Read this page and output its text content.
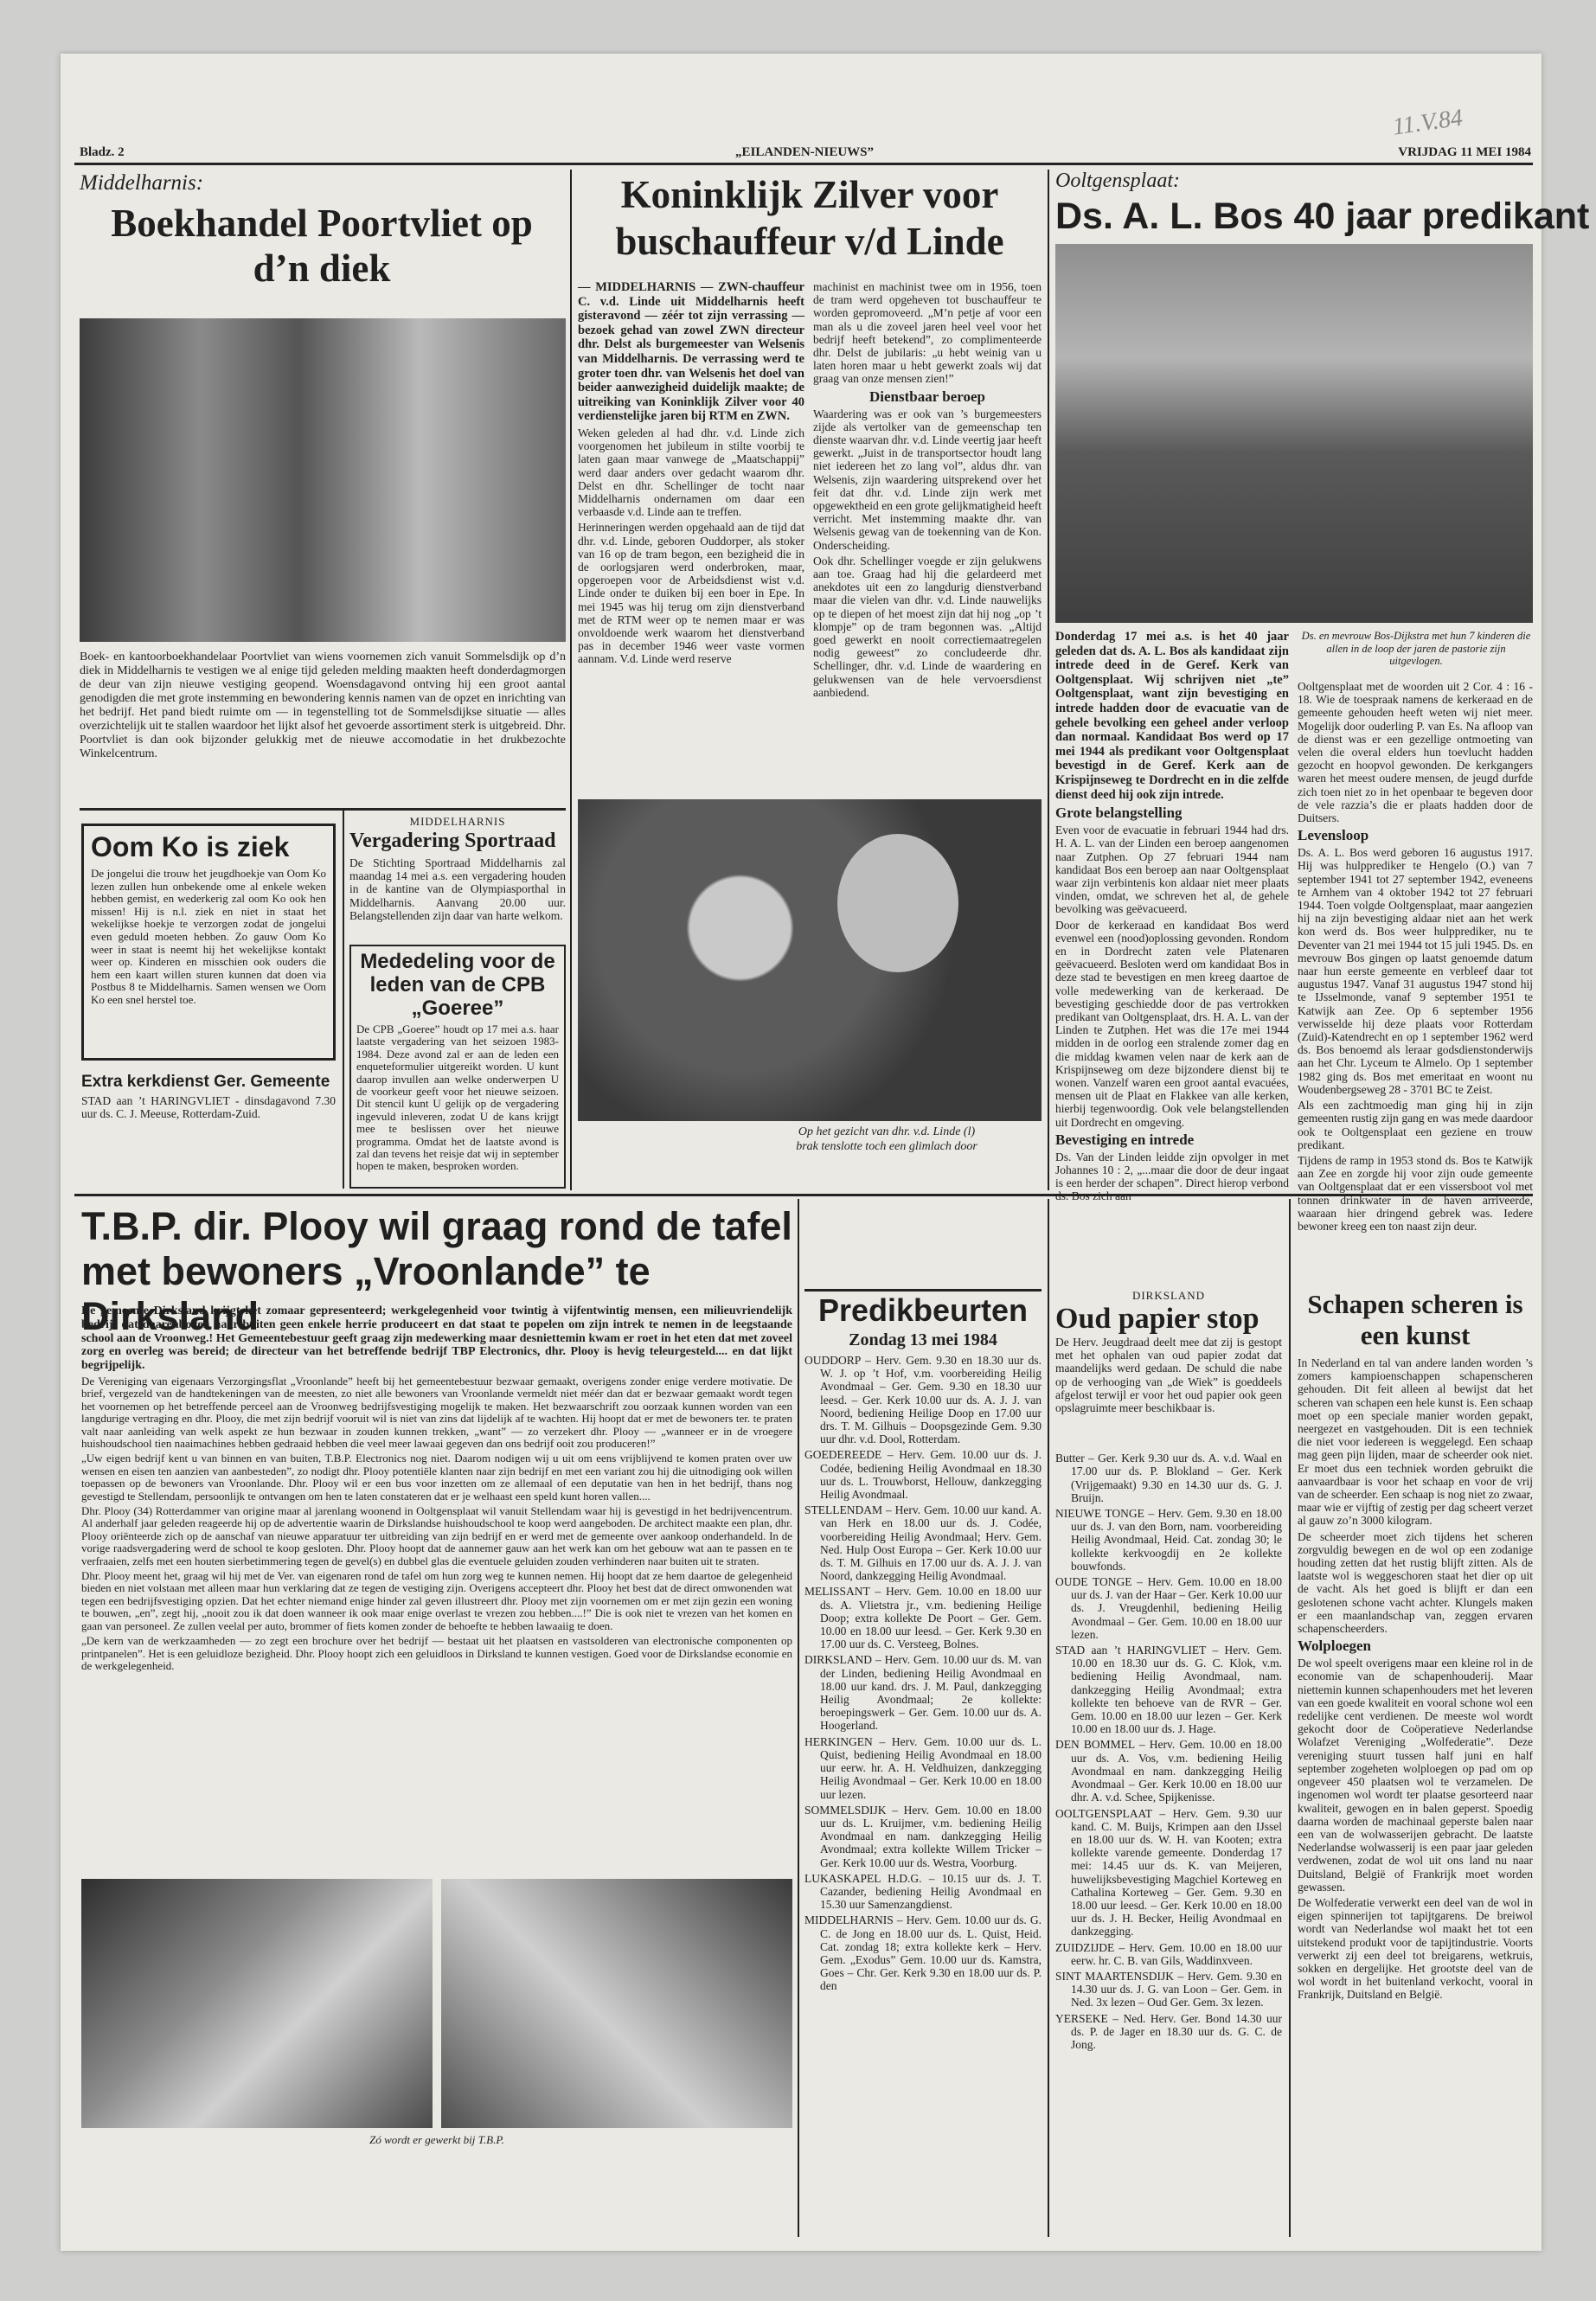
Bladz. 2	„EILANDEN-NIEUWS”	VRIJDAG 11 MEI 1984
11.V.84
Middelharnis:
Boekhandel Poortvliet op d’n diek

Boek- en kantoorboekhandelaar Poortvliet van wiens voornemen zich vanuit Sommelsdijk op d’n diek in Middelharnis te vestigen we al enige tijd geleden melding maakten heeft donderdagmorgen de deur van zijn nieuwe vestiging geopend. Woensdagavond ontving hij een groot aantal genodigden die met grote instemming en bewondering kennis namen van de opzet en inrichting van het bedrijf. Het pand biedt ruimte om — in tegenstelling tot de Sommelsdijkse situatie — alles overzichtelijk uit te stallen waardoor het lijkt alsof het gevoerde assortiment sterk is uitgebreid. Dhr. Poortvliet is dan ook bijzonder gelukkig met de nieuwe accomodatie in het drukbezochte Winkelcentrum.

Oom Ko is ziek

De jongelui die trouw het jeugdhoekje van Oom Ko lezen zullen hun onbekende ome al enkele weken hebben gemist, en wederkerig zal oom Ko ook hen missen! Hij is n.l. ziek en niet in staat het wekelijkse hoekje te verzorgen zodat de jongelui even geduld moeten hebben. Zo gauw Oom Ko weer in staat is neemt hij het wekelijkse kontakt weer op. Kinderen en misschien ook ouders die hem een kaart willen sturen kunnen dat doen via Postbus 8 te Middelharnis. Samen wensen we Oom Ko een snel herstel toe.

Extra kerkdienst Ger. Gemeente

STAD aan ’t HARINGVLIET - dinsdagavond 7.30 uur ds. C. J. Meeuse, Rotterdam-Zuid.

MIDDELHARNIS
Vergadering Sportraad

De Stichting Sportraad Middelharnis zal maandag 14 mei a.s. een vergadering houden in de kantine van de Olympiasporthal in Middelharnis. Aanvang 20.00 uur. Belangstellenden zijn daar van harte welkom.

Mededeling voor de leden van de CPB „Goeree”

De CPB „Goeree” houdt op 17 mei a.s. haar laatste vergadering van het seizoen 1983-1984. Deze avond zal er aan de leden een enqueteformulier uitgereikt worden. U kunt daarop invullen aan welke onderwerpen U de voorkeur geeft voor het nieuwe seizoen. Dit stencil kunt U gelijk op de vergadering ingevuld inleveren, zodat U de kans krijgt mee te beslissen over het nieuwe programma. Omdat het de laatste avond is zal dan tevens het reisje dat wij in september hopen te maken, besproken worden.

Koninklijk Zilver voor buschauffeur v/d Linde

— MIDDELHARNIS — ZWN-chauffeur C. v.d. Linde uit Middelharnis heeft gisteravond — zéér tot zijn verrassing — bezoek gehad van zowel ZWN directeur dhr. Delst als burgemeester van Welsenis van Middelharnis. De verrassing werd te groter toen dhr. van Welsenis het doel van beider aanwezigheid duidelijk maakte; de uitreiking van Koninklijk Zilver voor 40 verdienstelijke jaren bij RTM en ZWN.

Weken geleden al had dhr. v.d. Linde zich voorgenomen het jubileum in stilte voorbij te laten gaan maar vanwege de „Maatschappij” werd daar anders over gedacht waarom dhr. Delst en dhr. Schellinger de tocht naar Middelharnis ondernamen om daar een verbaasde v.d. Linde aan te treffen.

Herinneringen werden opgehaald aan de tijd dat dhr. v.d. Linde, geboren Ouddorper, als stoker van 16 op de tram begon, een bezigheid die in de oorlogsjaren werd onderbroken, maar, opgeroepen voor de Arbeidsdienst wist v.d. Linde onder te duiken bij een boer in Epe. In mei 1945 was hij terug om zijn dienstverband met de RTM weer op te nemen maar er was onvoldoende werk waarom het dienstverband pas in december 1946 weer vaste vormen aannam. V.d. Linde werd reserve

machinist en machinist twee om in 1956, toen de tram werd opgeheven tot buschauffeur te worden gepromoveerd. „M’n petje af voor een man als u die zoveel jaren heel veel voor het bedrijf heeft betekend”, zo complimenteerde dhr. Delst de jubilaris: „u hebt weinig van u laten horen maar u hebt gewerkt zoals wij dat graag van onze mensen zien!”

Dienstbaar beroep

Waardering was er ook van ’s burgemeesters zijde als vertolker van de gemeenschap ten dienste waarvan dhr. v.d. Linde veertig jaar heeft gewerkt. „Juist in de transportsector houdt lang niet iedereen het zo lang vol”, aldus dhr. van Welsenis, zijn waardering uitsprekend over het feit dat dhr. v.d. Linde zijn werk met opgewektheid en een grote gelijkmatigheid heeft verricht. Met instemming maakte dhr. van Welsenis gewag van de toekenning van de Kon. Onderscheiding.

Ook dhr. Schellinger voegde er zijn gelukwens aan toe. Graag had hij die gelardeerd met anekdotes uit een zo langdurig dienstverband maar die vielen van dhr. v.d. Linde nauwelijks op te diepen of het moest zijn dat hij nog „op ’t klompje” op de tram begonnen was. „Altijd goed gewerkt en nooit correctiemaatregelen nodig geweest” zo concludeerde dhr. Schellinger, dhr. v.d. Linde de waardering en gelukwensen van de hele vervoersdienst aanbiedend.

Op het gezicht van dhr. v.d. Linde (l) brak tenslotte toch een glimlach door
Ooltgensplaat:
Ds. A. L. Bos 40 jaar predikant
Ds. en mevrouw Bos-Dijkstra met hun 7 kinderen die allen in de loop der jaren de pastorie zijn uitgevlogen.

Donderdag 17 mei a.s. is het 40 jaar geleden dat ds. A. L. Bos als kandidaat zijn intrede deed in de Geref. Kerk van Ooltgensplaat. Wij schrijven niet „te” Ooltgensplaat, want zijn bevestiging en intrede hadden door de evacuatie van de gehele bevolking een geheel ander verloop dan normaal. Kandidaat Bos werd op 17 mei 1944 als predikant voor Ooltgensplaat bevestigd in de Geref. Kerk aan de Krispijnseweg te Dordrecht en in die zelfde dienst deed hij ook zijn intrede.

Grote belangstelling

Even voor de evacuatie in februari 1944 had drs. H. A. L. van der Linden een beroep aangenomen naar Zutphen. Op 27 februari 1944 nam kandidaat Bos een beroep aan naar Ooltgensplaat waar zijn verbintenis kon aldaar niet meer plaats vinden, omdat, we schreven het al, de gehele bevolking was geëvacueerd.

Door de kerkeraad en kandidaat Bos werd evenwel een (nood)oplossing gevonden. Rondom en in Dordrecht zaten vele Platenaren geëvacueerd. Besloten werd om kandidaat Bos in deze stad te bevestigen en men kreeg daartoe de volle medewerking van de kerkeraad. De bevestiging geschiedde door de pas vertrokken predikant van Ooltgensplaat, drs. H. A. L. van der Linden te Zutphen. Het was die 17e mei 1944 midden in de oorlog een stralende zomer dag en die middag kwamen velen naar de kerk aan de Krispijnseweg om deze bijzondere dienst bij te wonen. Vanzelf waren een groot aantal evacuées, mensen uit de Plaat en Flakkee van alle kerken, hierbij tegenwoordig. Ook vele belangstellenden uit Dordrecht en omgeving.

Bevestiging en intrede

Ds. Van der Linden leidde zijn opvolger in met Johannes 10 : 2, „...maar die door de deur ingaat is een herder der schapen”. Direct hierop verbond ds. Bos zich aan

Ooltgensplaat met de woorden uit 2 Cor. 4 : 16 - 18. Wie de toespraak namens de kerkeraad en de gemeente gehouden heeft weten wij niet meer. Mogelijk door ouderling P. van Es. Na afloop van de dienst was er een gezellige ontmoeting van velen die overal elders hun toevlucht hadden gezocht en hoopvol gewonden. De kerkgangers waren het meest oudere mensen, de jeugd durfde zich toen niet zo in het openbaar te begeven door de vele razzia’s die er plaats hadden door de Duitsers.

Levensloop

Ds. A. L. Bos werd geboren 16 augustus 1917. Hij was hulpprediker te Hengelo (O.) van 7 september 1941 tot 27 september 1942, eveneens te Arnhem van 4 oktober 1942 tot 27 februari 1944. Toen volgde Ooltgensplaat, maar aangezien hij na zijn bevestiging aldaar niet aan het werk kon werd ds. Bos weer hulpprediker, nu te Deventer van 21 mei 1944 tot 15 juli 1945. Ds. en mevrouw Bos gingen op laatst genoemde datum naar hun eerste gemeente en verbleef daar tot augustus 1947. Vanaf 31 augustus 1947 stond hij te IJsselmonde, vanaf 9 september 1951 te Katwijk aan Zee. Op 6 september 1956 verwisselde hij deze plaats voor Rotterdam (Zuid)-Katendrecht en op 1 september 1962 werd ds. Bos benoemd als leraar godsdienstonderwijs aan het Chr. Lyceum te Almelo. Op 1 september 1982 ging ds. Bos met emeritaat en woont nu Woudenbergseweg 28 - 3701 BC te Zeist.

Als een zachtmoedig man ging hij in zijn gemeenten rustig zijn gang en was mede daardoor ook te Ooltgensplaat een geziene en trouw predikant.

Tijdens de ramp in 1953 stond ds. Bos te Katwijk aan Zee en zorgde hij voor zijn oude gemeente van Ooltgensplaat dat er een vissersboot vol met tonnen drinkwater in de haven arriveerde, waaraan hier dringend gebrek was. Iedere bewoner kreeg een ton naast zijn deur.

T.B.P. dir. Plooy wil graag rond de tafel met bewoners „Vroonlande” te Dirksland

De gemeente Dirksland krijgt het zomaar gepresenteerd; werkgelegenheid voor twintig à vijfentwintig mensen, een milieuvriendelijk bedrijf dat daarenboven naar buiten geen enkele herrie produceert en dat staat te popelen om zijn intrek te nemen in de leegstaande school aan de Vroonweg.! Het Gemeentebestuur geeft graag zijn medewerking maar desniettemin kwam er roet in het eten dat met zoveel zorg en overleg was bereid; de directeur van het betreffende bedrijf TBP Electronics, dhr. Plooy is hevig teleurgesteld.... en dat lijkt begrijpelijk.

De Vereniging van eigenaars Verzorgingsflat „Vroonlande” heeft bij het gemeentebestuur bezwaar gemaakt, overigens zonder enige verdere motivatie. De brief, vergezeld van de handtekeningen van de meesten, zo niet alle bewoners van Vroonlande vermeldt niet méér dan dat er bezwaar gemaakt wordt tegen het voornemen op het betreffende perceel aan de Vroonweg bedrijfsvestiging mogelijk te maken. Het bezwaarschrift zou oorzaak kunnen worden van een langdurige vertraging en dhr. Plooy, die met zijn bedrijf vooruit wil is niet van zins dat lijdelijk af te wachten. Hij hoopt dat er met de bewoners ter. te praten valt naar aanleiding van welk aspekt ze hun bezwaar in zouden kunnen trekken, „want” — zo verzekert dhr. Plooy — „wanneer er in de vroegere huishoudschool tien naaimachines hebben gedraaid hebben die veel meer lawaai gegeven dan ons bedrijf ooit zou produceren!”

„Uw eigen bedrijf kent u van binnen en van buiten, T.B.P. Electronics nog niet. Daarom nodigen wij u uit om eens vrijblijvend te komen praten over uw wensen en eisen ten aanzien van aanbesteden”, zo nodigt dhr. Plooy potentiële klanten naar zijn bedrijf en met een variant zou hij die uitnodiging ook willen toepassen op de bewoners van Vroonlande. Dhr. Plooy wil er een bus voor inzetten om ze allemaal of een deputatie van hen in het bedrijf, thans nog gevestigd te Stellendam, persoonlijk te ontvangen om hen te laten constateren dat er je welhaast een speld kunt horen vallen....

Dhr. Plooy (34) Rotterdammer van origine maar al jarenlang woonend in Ooltgensplaat wil vanuit Stellendam waar hij is gevestigd in het bedrijvencentrum. Al anderhalf jaar geleden reageerde hij op de advertentie waarin de Dirkslandse huishoudschool te koop werd aangeboden. De architect maakte een plan, dhr. Plooy oriënteerde zich op de aanschaf van nieuwe apparatuur ter uitbreiding van zijn bedrijf en er werd met de gemeente over aankoop onderhandeld. In de vorige raadsvergadering werd de school te koop gesloten. Dhr. Plooy hoopt dat de aannemer gauw aan het werk kan om het gebouw wat aan te passen en te verfraaien, zelfs met een houten sierbetimmering tegen de gevel(s) en dubbel glas die eventuele geluiden zouden verhinderen naar buiten uit te straten.

Dhr. Plooy meent het, graag wil hij met de Ver. van eigenaren rond de tafel om hun zorg weg te kunnen nemen. Hij hoopt dat ze hem daartoe de gelegenheid bieden en niet volstaan met alleen maar hun verklaring dat ze tegen de vestiging zijn. Overigens accepteert dhr. Plooy het best dat de direct omwonenden wat tegen een bedrijfsvestiging opzien. Dat het echter niemand enige hinder zal geven illustreert dhr. Plooy met zijn voornemen om er met zijn gezin een woning te bouwen, „en”, zegt hij, „nooit zou ik dat doen wanneer ik ook maar enige overlast te vrezen zou hebben....!” Die is ook niet te vrezen van het komen en gaan van personeel. Ze zullen veelal per auto, brommer of fiets komen zonder de behoefte te hebben lawaaiig te doen.

„De kern van de werkzaamheden — zo zegt een brochure over het bedrijf — bestaat uit het plaatsen en vastsolderen van electronische componenten op printpanelen”. Het is een geluidloze bezigheid. Dhr. Plooy hoopt zich een geluidloos in Dirksland te kunnen vestigen. Goed voor de Dirkslandse economie en de werkgelegenheid.

Zó wordt er gewerkt bij T.B.P.
Predikbeurten
Zondag 13 mei 1984

OUDDORP – Herv. Gem. 9.30 en 18.30 uur ds. W. J. op ’t Hof, v.m. voorbereiding Heilig Avondmaal – Ger. Gem. 9.30 en 18.30 uur leesd. – Ger. Kerk 10.00 uur ds. A. J. J. van Noord, bediening Heilige Doop en 17.00 uur drs. T. M. Gilhuis – Doopsgezinde Gem. 9.30 uur dhr. v.d. Dool, Rotterdam.

GOEDEREEDE – Herv. Gem. 10.00 uur ds. J. Codée, bediening Heilig Avondmaal en 18.30 uur ds. L. Trouwborst, Hellouw, dankzegging Heilig Avondmaal.

STELLENDAM – Herv. Gem. 10.00 uur kand. A. van Herk en 18.00 uur ds. J. Codée, voorbereiding Heilig Avondmaal; Herv. Gem. Ned. Hulp Oost Europa – Ger. Kerk 10.00 uur ds. T. M. Gilhuis en 17.00 uur ds. A. J. J. van Noord, dankzegging Heilig Avondmaal.

MELISSANT – Herv. Gem. 10.00 en 18.00 uur ds. A. Vlietstra jr., v.m. bediening Heilige Doop; extra kollekte De Poort – Ger. Gem. 10.00 en 18.00 uur leesd. – Ger. Kerk 9.30 en 17.00 uur ds. C. Versteeg, Bolnes.

DIRKSLAND – Herv. Gem. 10.00 uur ds. M. van der Linden, bediening Heilig Avondmaal en 18.00 uur kand. drs. J. M. Paul, dankzegging Heilig Avondmaal; 2e kollekte: beroepingswerk – Ger. Gem. 10.00 uur ds. A. Hoogerland.

HERKINGEN – Herv. Gem. 10.00 uur ds. L. Quist, bediening Heilig Avondmaal en 18.00 uur eerw. hr. A. H. Veldhuizen, dankzegging Heilig Avondmaal – Ger. Kerk 10.00 en 18.00 uur lezen.

SOMMELSDIJK – Herv. Gem. 10.00 en 18.00 uur ds. L. Kruijmer, v.m. bediening Heilig Avondmaal en nam. dankzegging Heilig Avondmaal; extra kollekte Willem Tricker – Ger. Kerk 10.00 uur ds. Westra, Voorburg.

LUKASKAPEL H.D.G. – 10.15 uur ds. J. T. Cazander, bediening Heilig Avondmaal en 15.30 uur Samenzangdienst.

MIDDELHARNIS – Herv. Gem. 10.00 uur ds. G. C. de Jong en 18.00 uur ds. L. Quist, Heid. Cat. zondag 18; extra kollekte kerk – Herv. Gem. „Exodus” Gem. 10.00 uur ds. Kamstra, Goes – Chr. Ger. Kerk 9.30 en 18.00 uur ds. P. den

DIRKSLAND
Oud papier stop

De Herv. Jeugdraad deelt mee dat zij is gestopt met het ophalen van oud papier zodat dat maandelijks werd gedaan. De schuld die nabe op de verhooging van „de Wiek” is goeddeels afgelost terwijl er voor het oud papier ook geen opslagruimte meer beschikbaar is.

Butter – Ger. Kerk 9.30 uur ds. A. v.d. Waal en 17.00 uur ds. P. Blokland – Ger. Kerk (Vrijgemaakt) 9.30 en 14.30 uur ds. G. J. Bruijn.

NIEUWE TONGE – Herv. Gem. 9.30 en 18.00 uur ds. J. van den Born, nam. voorbereiding Heilig Avondmaal, Heid. Cat. zondag 30; le kollekte kerkvoogdij en 2e kollekte bouwfonds.

OUDE TONGE – Herv. Gem. 10.00 en 18.00 uur ds. J. van der Haar – Ger. Kerk 10.00 uur ds. J. Vreugdenhil, bediening Heilig Avondmaal – Ger. Gem. 10.00 en 18.00 uur lezen.

STAD aan ’t HARINGVLIET – Herv. Gem. 10.00 en 18.30 uur ds. G. C. Klok, v.m. bediening Heilig Avondmaal, nam. dankzegging Heilig Avondmaal; extra kollekte ten behoeve van de RVR – Ger. Gem. 10.00 en 18.00 uur lezen – Ger. Kerk 10.00 en 18.00 uur ds. J. Hage.

DEN BOMMEL – Herv. Gem. 10.00 en 18.00 uur ds. A. Vos, v.m. bediening Heilig Avondmaal en nam. dankzegging Heilig Avondmaal – Ger. Kerk 10.00 en 18.00 uur dhr. A. v.d. Schee, Spijkenisse.

OOLTGENSPLAAT – Herv. Gem. 9.30 uur kand. C. M. Buijs, Krimpen aan den IJssel en 18.00 uur ds. W. H. van Kooten; extra kollekte varende gemeente. Donderdag 17 mei: 14.45 uur ds. K. van Meijeren, huwelijksbevestiging Magchiel Korteweg en Cathalina Korteweg – Ger. Gem. 9.30 en 18.00 uur leesd. – Ger. Kerk 10.00 en 18.00 uur ds. J. H. Becker, Heilig Avondmaal en dankzegging.

ZUIDZIJDE – Herv. Gem. 10.00 en 18.00 uur eerw. hr. C. B. van Gils, Waddinxveen.

SINT MAARTENSDIJK – Herv. Gem. 9.30 en 14.30 uur ds. J. G. van Loon – Ger. Gem. in Ned. 3x lezen – Oud Ger. Gem. 3x lezen.

YERSEKE – Ned. Herv. Ger. Bond 14.30 uur ds. P. de Jager en 18.30 uur ds. G. C. de Jong.

Schapen scheren is een kunst

In Nederland en tal van andere landen worden ’s zomers kampioenschappen schapenscheren gehouden. Dit feit alleen al bewijst dat het scheren van schapen een hele kunst is. Een schaap moet op een speciale manier worden gepakt, neergezet en vastgehouden. Dit is een techniek die niet voor iedereen is weggelegd. Een schaap mag geen pijn lijden, maar de scheerder ook niet. Er moet dus een techniek worden gebruikt die aanvaardbaar is voor het schaap en voor de vrij van de scheerder. Een schaap is nog niet zo zwaar, maar wie er vijftig of zestig per dag scheert verzet al gauw zo’n 3000 kilogram.

De scheerder moet zich tijdens het scheren zorgvuldig bewegen en de wol op een zodanige houding zetten dat het rustig blijft zitten. Als de laatste wol is weggeschoren staat het dier op uit de vacht. Als het goed is blijft er dan een geslotenen schone vacht achter. Klungels maken er een maanlandschap van, zeggen ervaren schapenscheerders.

Wolploegen

De wol speelt overigens maar een kleine rol in de economie van de schapenhouderij. Maar niettemin kunnen schapenhouders met het leveren van een goede kwaliteit en vooral schone wol een redelijke cent verdienen. De meeste wol wordt gekocht door de Coöperatieve Nederlandse Wolafzet Vereniging „Wolfederatie”. Deze vereniging stuurt tussen half juni en half september zogeheten wolploegen op pad om op ongeveer 450 plaatsen wol te verzamelen. De ingenomen wol wordt ter plaatse gesorteerd naar kwaliteit, gewogen en in balen geperst. Spoedig daarna worden de machinaal geperste balen naar een van de wolwasserijen gebracht. De laatste Nederlandse wolwasserij is een paar jaar geleden verdwenen, zodat de wol uit ons land nu naar Duitsland, België of Frankrijk moet worden gewassen.

De Wolfederatie verwerkt een deel van de wol in eigen spinnerijen tot tapijtgarens. De breiwol wordt van Nederlandse wol maakt het tot een uitstekend produkt voor de tapijtindustrie. Voorts verwerkt zij een deel tot breigarens, wetkruis, sokken en dergelijke. Het grootste deel van de wol wordt in het buitenland verkocht, vooral in Frankrijk, Duitsland en België.
